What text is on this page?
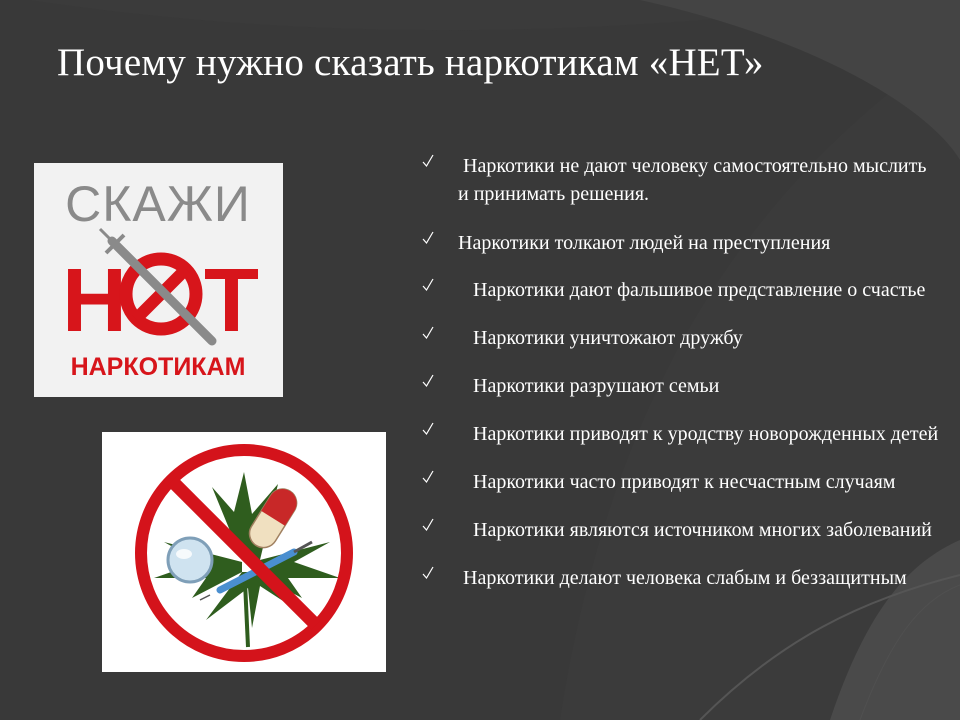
Почему нужно сказать наркотикам «НЕТ»
СКАЖИ
Н Т
НАРКОТИКАМ
Наркотики не дают человеку самостоятельно мыслить и принимать решения.
Наркотики толкают людей на преступления
Наркотики дают фальшивое представление о счастье
Наркотики уничтожают дружбу
Наркотики разрушают семьи
Наркотики приводят к уродству новорожденных детей
Наркотики часто приводят к несчастным случаям
Наркотики являются источником многих заболеваний
Наркотики делают человека слабым и беззащитным
